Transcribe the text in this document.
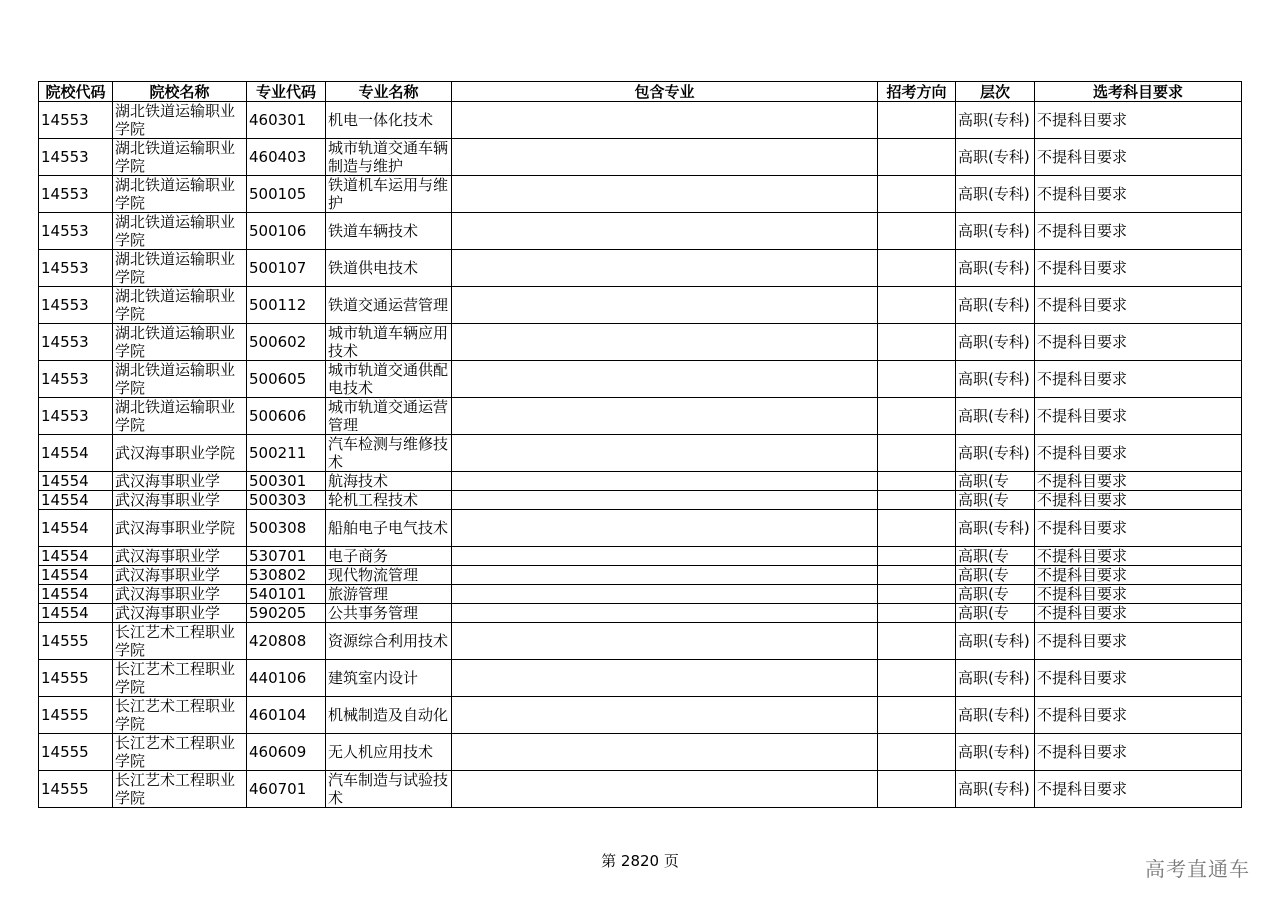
院校代码	院校名称	专业代码	专业名称	包含专业	招考方向	层次	选考科目要求
14553	湖北铁道运输职业学院	460301	机电一体化技术			高职(专科)	不提科目要求
14553	湖北铁道运输职业学院	460403	城市轨道交通车辆制造与维护			高职(专科)	不提科目要求
14553	湖北铁道运输职业学院	500105	铁道机车运用与维护			高职(专科)	不提科目要求
14553	湖北铁道运输职业学院	500106	铁道车辆技术			高职(专科)	不提科目要求
14553	湖北铁道运输职业学院	500107	铁道供电技术			高职(专科)	不提科目要求
14553	湖北铁道运输职业学院	500112	铁道交通运营管理			高职(专科)	不提科目要求
14553	湖北铁道运输职业学院	500602	城市轨道车辆应用技术			高职(专科)	不提科目要求
14553	湖北铁道运输职业学院	500605	城市轨道交通供配电技术			高职(专科)	不提科目要求
14553	湖北铁道运输职业学院	500606	城市轨道交通运营管理			高职(专科)	不提科目要求
14554	武汉海事职业学院	500211	汽车检测与维修技术			高职(专科)	不提科目要求
14554	武汉海事职业学	500301	航海技术			高职(专	不提科目要求
14554	武汉海事职业学	500303	轮机工程技术			高职(专	不提科目要求
14554	武汉海事职业学院	500308	船舶电子电气技术			高职(专科)	不提科目要求
14554	武汉海事职业学	530701	电子商务			高职(专	不提科目要求
14554	武汉海事职业学	530802	现代物流管理			高职(专	不提科目要求
14554	武汉海事职业学	540101	旅游管理			高职(专	不提科目要求
14554	武汉海事职业学	590205	公共事务管理			高职(专	不提科目要求
14555	长江艺术工程职业学院	420808	资源综合利用技术			高职(专科)	不提科目要求
14555	长江艺术工程职业学院	440106	建筑室内设计			高职(专科)	不提科目要求
14555	长江艺术工程职业学院	460104	机械制造及自动化			高职(专科)	不提科目要求
14555	长江艺术工程职业学院	460609	无人机应用技术			高职(专科)	不提科目要求
14555	长江艺术工程职业学院	460701	汽车制造与试验技术			高职(专科)	不提科目要求
第 2820 页	高考直通车
